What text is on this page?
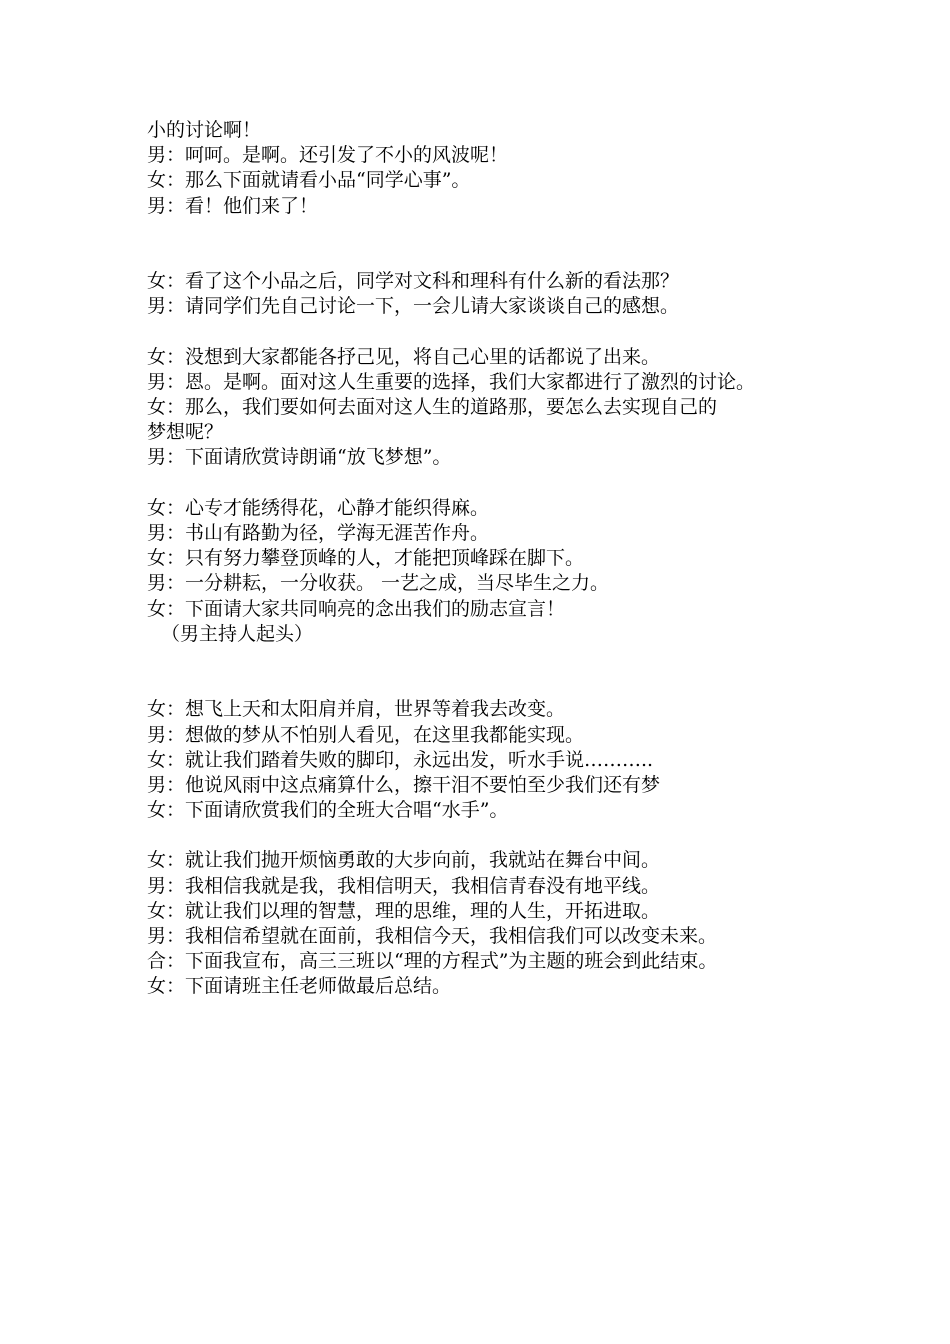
小的讨论啊！
男：呵呵。是啊。还引发了不小的风波呢！
女：那么下面就请看小品“同学心事”。
男：看！他们来了！
女：看了这个小品之后，同学对文科和理科有什么新的看法那？
男：请同学们先自己讨论一下，一会儿请大家谈谈自己的感想。
女：没想到大家都能各抒己见，将自己心里的话都说了出来。
男：恩。是啊。面对这人生重要的选择，我们大家都进行了激烈的讨论。
女：那么，我们要如何去面对这人生的道路那，要怎么去实现自己的
梦想呢？
男：下面请欣赏诗朗诵“放飞梦想”。
女：心专才能绣得花，心静才能织得麻。
男：书山有路勤为径，学海无涯苦作舟。
女：只有努力攀登顶峰的人，才能把顶峰踩在脚下。
男：一分耕耘，一分收获。 一艺之成，当尽毕生之力。
女：下面请大家共同响亮的念出我们的励志宣言！
（男主持人起头）
女：想飞上天和太阳肩并肩，世界等着我去改变。
男：想做的梦从不怕别人看见，在这里我都能实现。
女：就让我们踏着失败的脚印，永远出发，听水手说………..
男：他说风雨中这点痛算什么，擦干泪不要怕至少我们还有梦
女：下面请欣赏我们的全班大合唱“水手”。
女：就让我们抛开烦恼勇敢的大步向前，我就站在舞台中间。
男：我相信我就是我，我相信明天，我相信青春没有地平线。
女：就让我们以理的智慧，理的思维，理的人生，开拓进取。
男：我相信希望就在面前，我相信今天，我相信我们可以改变未来。
合：下面我宣布，高三三班以“理的方程式”为主题的班会到此结束。
女：下面请班主任老师做最后总结。
